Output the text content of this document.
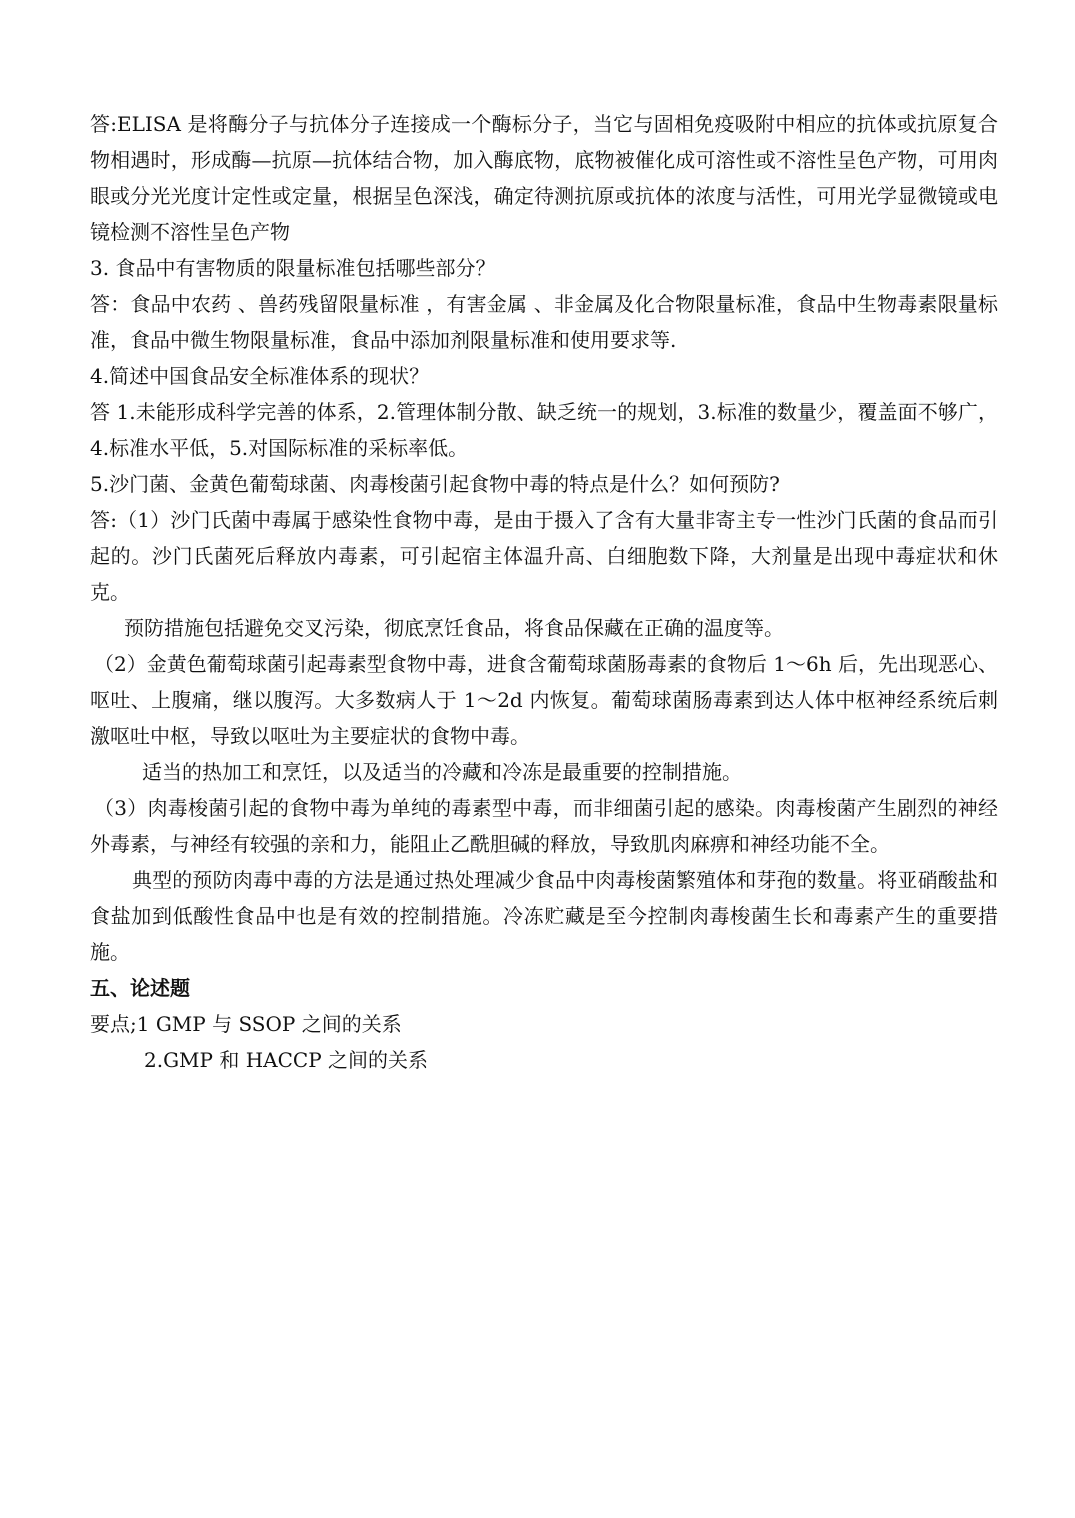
答:ELISA 是将酶分子与抗体分子连接成一个酶标分子，当它与固相免疫吸附中相应的抗体或抗原复合物相遇时，形成酶—抗原—抗体结合物，加入酶底物，底物被催化成可溶性或不溶性呈色产物，可用肉眼或分光光度计定性或定量，根据呈色深浅，确定待测抗原或抗体的浓度与活性，可用光学显微镜或电镜检测不溶性呈色产物

3. 食品中有害物质的限量标准包括哪些部分？

答：食品中农药 、兽药残留限量标准 ，有害金属 、非金属及化合物限量标准，食品中生物毒素限量标准，食品中微生物限量标准，食品中添加剂限量标准和使用要求等.

4.简述中国食品安全标准体系的现状？

答 1.未能形成科学完善的体系，2.管理体制分散、缺乏统一的规划，3.标准的数量少，覆盖面不够广，4.标准水平低，5.对国际标准的采标率低。

5.沙门菌、金黄色葡萄球菌、肉毒梭菌引起食物中毒的特点是什么？如何预防?

答:（1）沙门氏菌中毒属于感染性食物中毒，是由于摄入了含有大量非寄主专一性沙门氏菌的食品而引起的。沙门氏菌死后释放内毒素，可引起宿主体温升高、白细胞数下降，大剂量是出现中毒症状和休克。

预防措施包括避免交叉污染，彻底烹饪食品，将食品保藏在正确的温度等。

（2）金黄色葡萄球菌引起毒素型食物中毒，进食含葡萄球菌肠毒素的食物后 1～6h 后，先出现恶心、呕吐、上腹痛，继以腹泻。大多数病人于 1～2d 内恢复。葡萄球菌肠毒素到达人体中枢神经系统后刺激呕吐中枢，导致以呕吐为主要症状的食物中毒。

适当的热加工和烹饪，以及适当的冷藏和冷冻是最重要的控制措施。

（3）肉毒梭菌引起的食物中毒为单纯的毒素型中毒，而非细菌引起的感染。肉毒梭菌产生剧烈的神经外毒素，与神经有较强的亲和力，能阻止乙酰胆碱的释放，导致肌肉麻痹和神经功能不全。

典型的预防肉毒中毒的方法是通过热处理减少食品中肉毒梭菌繁殖体和芽孢的数量。将亚硝酸盐和食盐加到低酸性食品中也是有效的控制措施。冷冻贮藏是至今控制肉毒梭菌生长和毒素产生的重要措施。

五、论述题

要点;1 GMP 与 SSOP 之间的关系

2.GMP 和 HACCP 之间的关系
